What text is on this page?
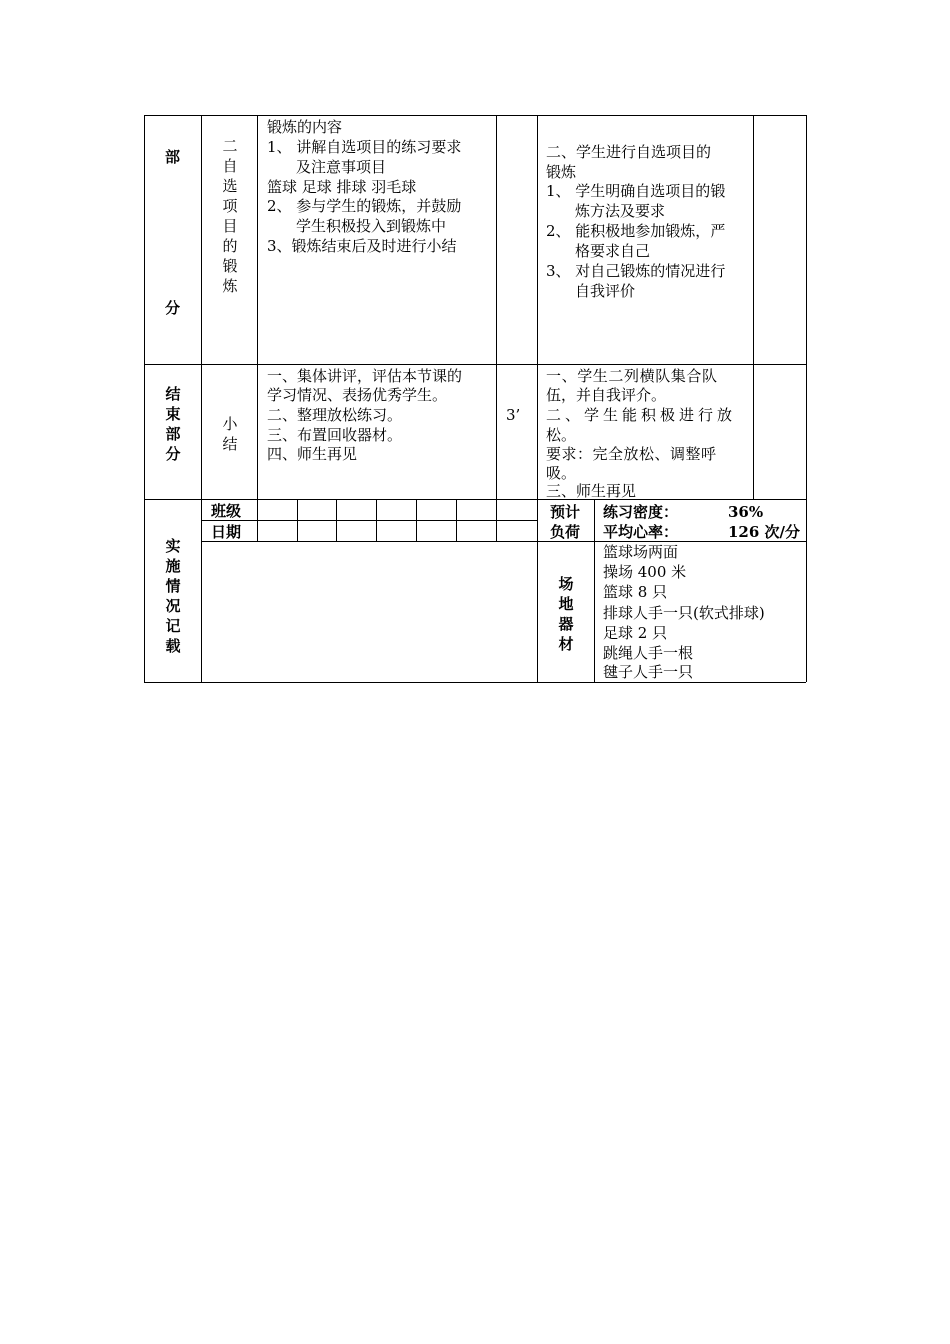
部
分
二
自
选
项
目
的
锻
炼
锻炼的内容
1、 讲解自选项目的练习要求
及注意事项目
篮球 足球 排球 羽毛球
2、 参与学生的锻炼，并鼓励
学生积极投入到锻炼中
3、锻炼结束后及时进行小结
二、学生进行自选项目的
锻炼
1、 学生明确自选项目的锻
炼方法及要求
2、 能积极地参加锻炼，严
格要求自己
3、 对自己锻炼的情况进行
自我评价
结
束
部
分
小
结
一、集体讲评，评估本节课的
学习情况、表扬优秀学生。
二、整理放松练习。
三、布置回收器材。
四、师生再见
3’
一、学生二列横队集合队
伍，并自我评介。
二、学生能积极进行放
松。
要求：完全放松、调整呼
吸。
三、师生再见
实
施
情
况
记
载
班级
日期
预计
负荷
练习密度：	36%
平均心率：	126 次/分
场
地
器
材
篮球场两面
操场 400 米
篮球 8 只
排球人手一只(软式排球)
足球 2 只
跳绳人手一根
毽子人手一只
